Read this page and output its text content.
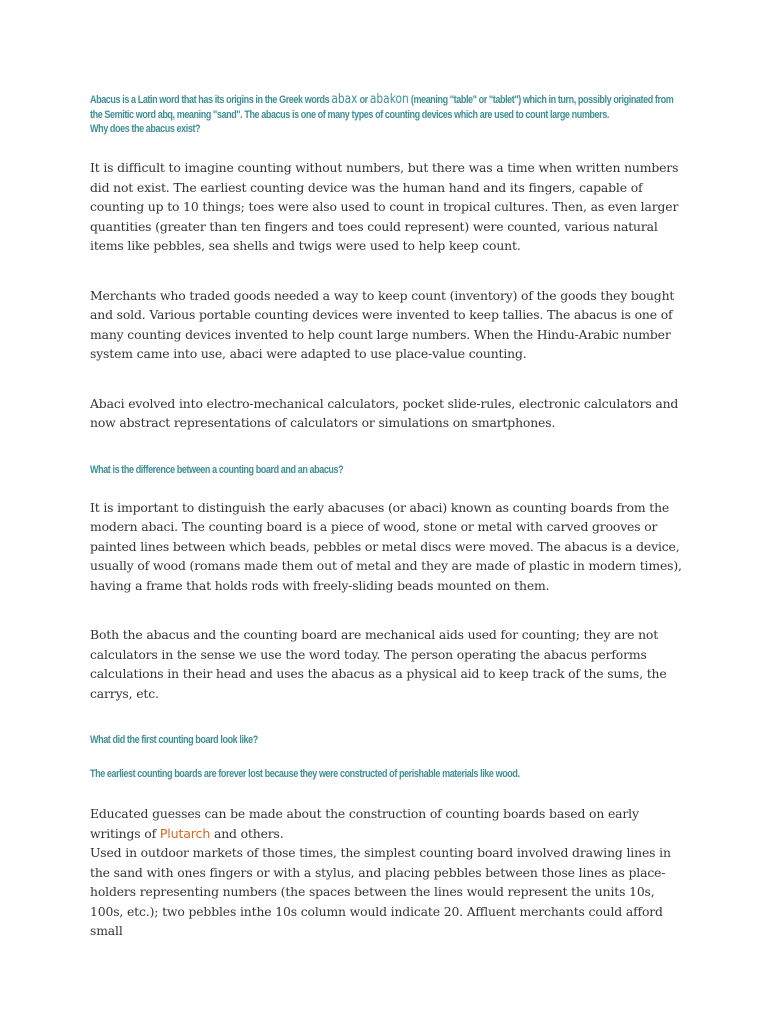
Abacus is a Latin word that has its origins in the Greek words abax or abakon (meaning "table" or "tablet") which in turn, possibly originated from the Semitic word abq, meaning "sand". The abacus is one of many types of counting devices which are used to count large numbers.
Why does the abacus exist?

It is difficult to imagine counting without numbers, but there was a time when written numbers did not exist. The earliest counting device was the human hand and its fingers, capable of counting up to 10 things; toes were also used to count in tropical cultures. Then, as even larger quantities (greater than ten fingers and toes could represent) were counted, various natural items like pebbles, sea shells and twigs were used to help keep count.

Merchants who traded goods needed a way to keep count (inventory) of the goods they bought and sold. Various portable counting devices were invented to keep tallies. The abacus is one of many counting devices invented to help count large numbers. When the Hindu-Arabic number system came into use, abaci were adapted to use place-value counting.

Abaci evolved into electro-mechanical calculators, pocket slide-rules, electronic calculators and now abstract representations of calculators or simulations on smartphones.

What is the difference between a counting board and an abacus?

It is important to distinguish the early abacuses (or abaci) known as counting boards from the modern abaci. The counting board is a piece of wood, stone or metal with carved grooves or painted lines between which beads, pebbles or metal discs were moved. The abacus is a device, usually of wood (romans made them out of metal and they are made of plastic in modern times), having a frame that holds rods with freely-sliding beads mounted on them.

Both the abacus and the counting board are mechanical aids used for counting; they are not calculators in the sense we use the word today. The person operating the abacus performs calculations in their head and uses the abacus as a physical aid to keep track of the sums, the carrys, etc.

What did the first counting board look like?
The earliest counting boards are forever lost because they were constructed of perishable materials like wood.

Educated guesses can be made about the construction of counting boards based on early writings of Plutarch and others.

Used in outdoor markets of those times, the simplest counting board involved drawing lines in the sand with ones fingers or with a stylus, and placing pebbles between those lines as place-holders representing numbers (the spaces between the lines would represent the units 10s, 100s, etc.); two pebbles inthe 10s column would indicate 20. Affluent merchants could afford small
